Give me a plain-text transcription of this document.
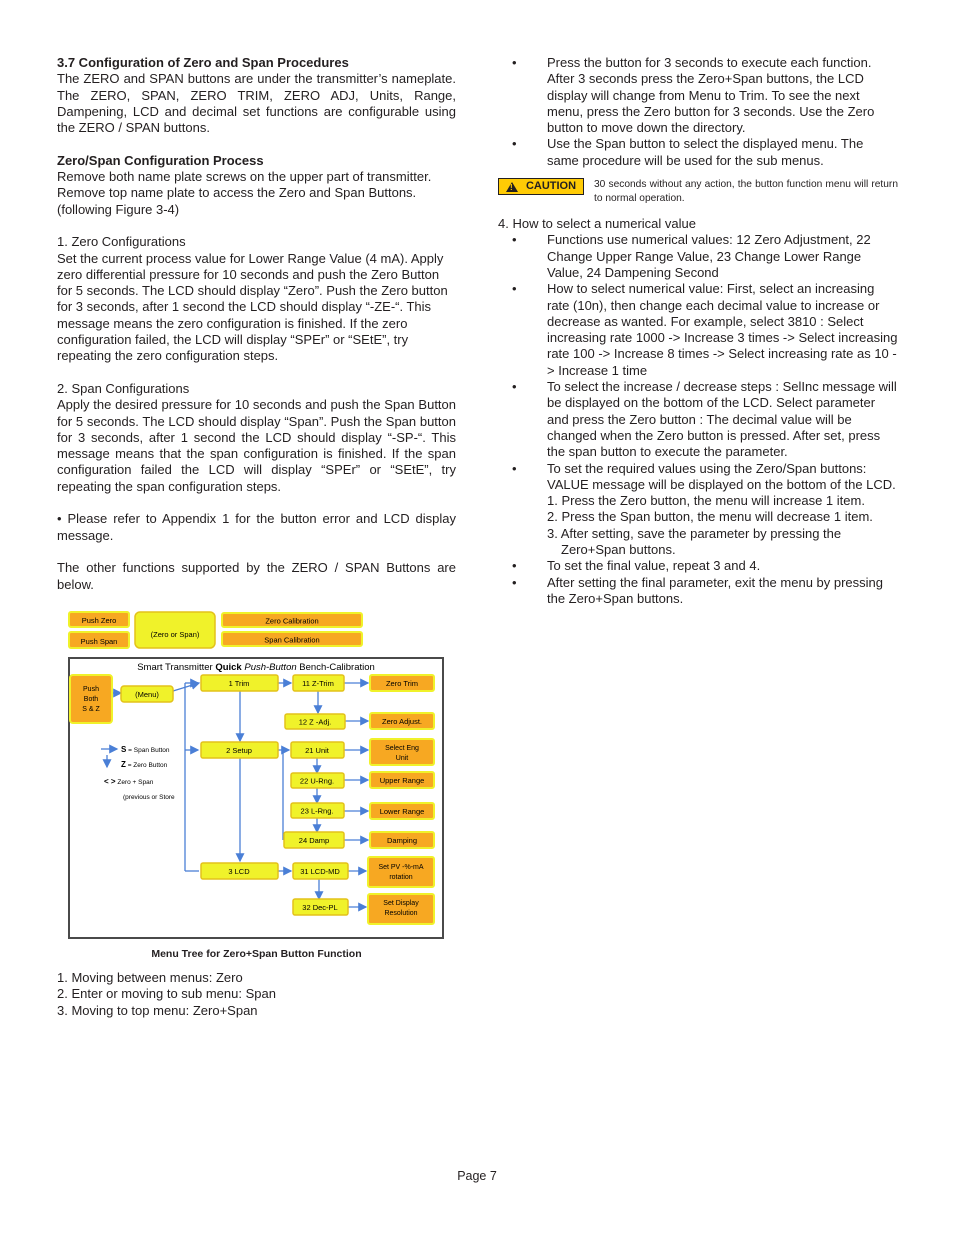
3.7 Configuration of Zero and Span Procedures

The ZERO and SPAN buttons are under the transmitter’s nameplate. The ZERO, SPAN, ZERO TRIM, ZERO ADJ, Units, Range, Dampening, LCD and decimal set functions are configurable using the ZERO / SPAN buttons.

Zero/Span Configuration Process

Remove both name plate screws on the upper part of transmitter. Remove top name plate to access the Zero and Span Buttons. (following Figure 3-4)

1. Zero Configurations

Set the current process value for Lower Range Value (4 mA). Apply zero differential pressure for 10 seconds and push the Zero Button for 5 seconds. The LCD should display “Zero”. Push the Zero button for 3 seconds, after 1 second the LCD should display “-ZE-“. This message means the zero configuration is finished. If the zero configuration failed, the LCD will display “SPEr” or “SEtE”, try repeating the zero configuration steps.

2. Span Configurations

Apply the desired pressure for 10 seconds and push the Span Button for 5 seconds. The LCD should display “Span”. Push the Span button for 3 seconds, after 1 second the LCD should display “-SP-“. This message means that the span configuration is finished. If the span configuration failed the LCD will display “SPEr” or “SEtE”, try repeating the span configuration steps.

• Please refer to Appendix 1 for the button error and LCD display message.

The other functions supported by the ZERO / SPAN Buttons are below.

Push Zero
Push Span
(Zero or Span)
Zero Calibration
Span Calibration
Smart Transmitter Quick Push-Button Bench-Calibration
Push
Both
S & Z
(Menu)
1 Trim
2 Setup
3 LCD
11 Z-Trim
12 Z -Adj.
21 Unit
22 U-Rng.
23 L-Rng.
24 Damp
31 LCD-MD
32 Dec-PL
Zero Trim
Zero Adjust.
Select Eng
Unit
Upper Range
Lower Range
Damping
Set PV -%-mA
rotation
Set Display
Resolution
S = Span Button
Z = Zero Button
< > Zero + Span
(previous or Store
Menu Tree for Zero+Span Button Function

1. Moving between menus: Zero

2. Enter or moving to sub menu: Span

3. Moving to top menu: Zero+Span

• Press the button for 3 seconds to execute each function. After 3 seconds press the Zero+Span buttons, the LCD display will change from Menu to Trim. To see the next menu, press the Zero button for 3 seconds. Use the Zero button to move down the directory.
• Use the Span button to select the displayed menu. The same procedure will be used for the sub menus.
! CAUTION 30 seconds without any action, the button function menu will return to normal operation.

4. How to select a numerical value

• Functions use numerical values: 12 Zero Adjustment, 22 Change Upper Range Value, 23 Change Lower Range Value, 24 Dampening Second
• How to select numerical value: First, select an increasing rate (10n), then change each decimal value to increase or decrease as wanted. For example, select 3810 : Select increasing rate 1000 -> Increase 3 times -> Select increasing rate 100 -> Increase 8 times -> Select increasing rate as 10 -> Increase 1 time
• To select the increase / decrease steps : SelInc message will be displayed on the bottom of the LCD. Select parameter and press the Zero button : The decimal value will be changed when the Zero button is pressed. After set, press the span button to execute the parameter.
• To set the required values using the Zero/Span buttons: VALUE message will be displayed on the bottom of the LCD.

1. Press the Zero button, the menu will increase 1 item.

2. Press the Span button, the menu will decrease 1 item.

3. After setting, save the parameter by pressing the Zero+Span buttons.

• To set the final value, repeat 3 and 4.
• After setting the final parameter, exit the menu by pressing the Zero+Span buttons.
Page 7
